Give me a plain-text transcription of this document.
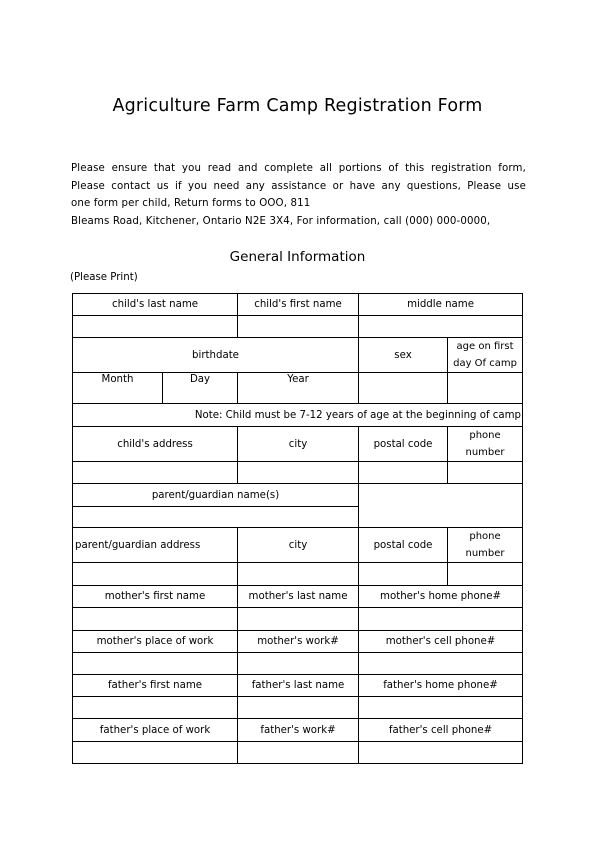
Agriculture Farm Camp Registration Form

Please ensure that you read and complete all portions of this registration form,

Please contact us if you need any assistance or have any questions, Please use

one form per child, Return forms to OOO, 811

Bleams Road, Kitchener, Ontario N2E 3X4, For information, call (000) 000-0000,

General Information
(Please Print)
child's last name		child's first name	middle name	

birthdate			sex	age on first
day Of camp

Month	Day	Year		

Note: Child must be 7-12 years of age at the beginning of camp				
child's address		city	postal code	phone
number

parent/guardian name(s)				

parent/guardian address		city	postal code	phone
number

mother's first name		mother's last name	mother's home phone#	

mother's place of work		mother's work#	mother's cell phone#	

father's first name		father's last name	father's home phone#	

father's place of work		father's work#	father's cell phone#	
